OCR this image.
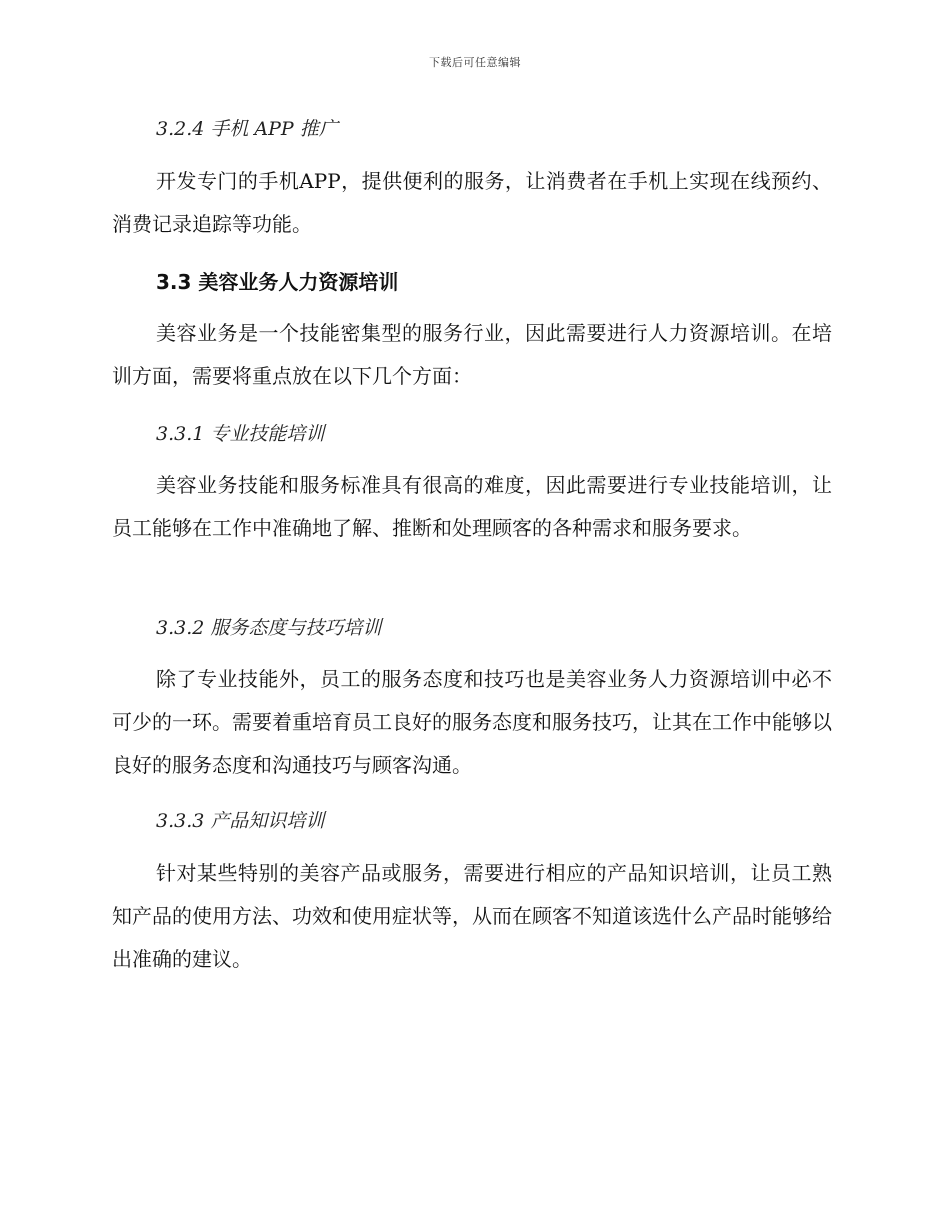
下载后可任意编辑
3.2.4 手机 APP 推广
开发专门的手机APP，提供便利的服务，让消费者在手机上实现在线预约、消费记录追踪等功能。
3.3 美容业务人力资源培训
美容业务是一个技能密集型的服务行业，因此需要进行人力资源培训。在培训方面，需要将重点放在以下几个方面：
3.3.1 专业技能培训
美容业务技能和服务标准具有很高的难度，因此需要进行专业技能培训，让员工能够在工作中准确地了解、推断和处理顾客的各种需求和服务要求。
3.3.2 服务态度与技巧培训
除了专业技能外，员工的服务态度和技巧也是美容业务人力资源培训中必不可少的一环。需要着重培育员工良好的服务态度和服务技巧，让其在工作中能够以良好的服务态度和沟通技巧与顾客沟通。
3.3.3 产品知识培训
针对某些特别的美容产品或服务，需要进行相应的产品知识培训，让员工熟知产品的使用方法、功效和使用症状等，从而在顾客不知道该选什么产品时能够给出准确的建议。
